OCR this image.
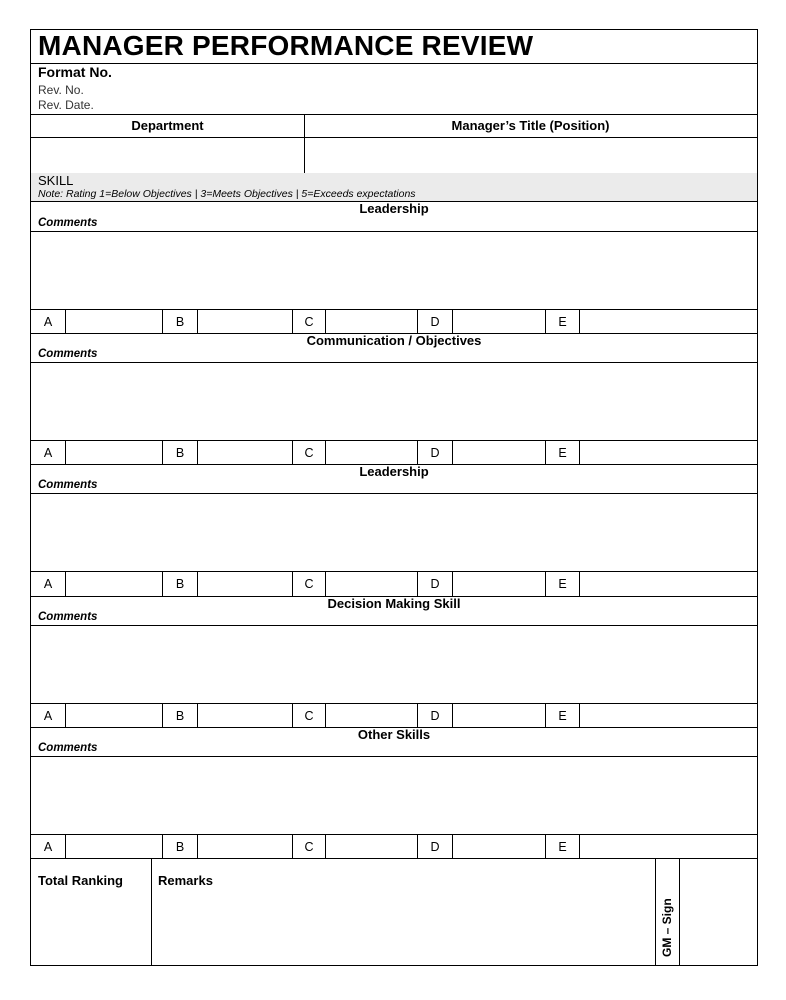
MANAGER PERFORMANCE REVIEW
Format No.
Rev. No.
Rev. Date.
Department	Manager’s Title (Position)
SKILL
Note: Rating 1=Below Objectives | 3=Meets Objectives | 5=Exceeds expectations
Leadership
Comments
A	B	C	D	E
Communication / Objectives
Comments
A	B	C	D	E
Leadership
Comments
A	B	C	D	E
Decision Making Skill
Comments
A	B	C	D	E
Other Skills
Comments
A	B	C	D	E
Total Ranking	Remarks
GM – Sign
